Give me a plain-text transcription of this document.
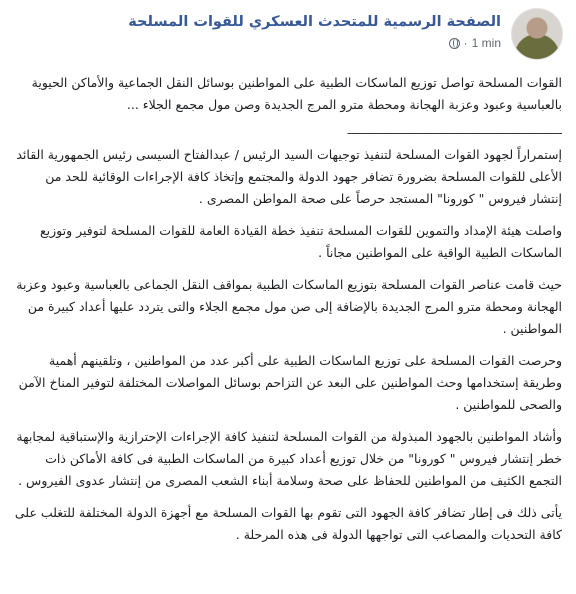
الصفحة الرسمية للمتحدث العسكري للقوات المسلحة
· 1 min

القوات المسلحة تواصل توزيع الماسكات الطبية على المواطنين بوسائل النقل الجماعية والأماكن الحيوية بالعباسية وعبود وعزبة الهجانة ومحطة مترو المرج الجديدة وصن مول مجمع الجلاء ...

_______________________________________

إستمراراً لجهود القوات المسلحة لتنفيذ توجيهات السيد الرئيس / عبدالفتاح السيسى رئيس الجمهورية القائد الأعلى للقوات المسلحة بضرورة تضافر جهود الدولة والمجتمع وإتخاذ كافة الإجراءات الوقائية للحد من إنتشار فيروس " كورونا" المستجد حرصاً على صحة المواطن المصرى .

واصلت هيئة الإمداد والتموين للقوات المسلحة تنفيذ خطة القيادة العامة للقوات المسلحة لتوفير وتوزيع الماسكات الطبية الواقية على المواطنين مجاناً .

حيث قامت عناصر القوات المسلحة بتوزيع الماسكات الطبية بمواقف النقل الجماعى بالعباسية وعبود وعزبة الهجانة ومحطة مترو المرج الجديدة بالإضافة إلى صن مول مجمع الجلاء والتى يتردد عليها أعداد كبيرة من المواطنين .

وحرصت القوات المسلحة على توزيع الماسكات الطبية على أكبر عدد من المواطنين ، وتلقينهم أهمية وطريقة إستخدامها وحث المواطنين على البعد عن التزاحم بوسائل المواصلات المختلفة لتوفير المناخ الآمن والصحى للمواطنين .

وأشاد المواطنين بالجهود المبذولة من القوات المسلحة لتنفيذ كافة الإجراءات الإحترازية والإستباقية لمجابهة خطر إنتشار فيروس " كورونا" من خلال توزيع أعداد كبيرة من الماسكات الطبية فى كافة الأماكن ذات التجمع الكثيف من المواطنين للحفاظ على صحة وسلامة أبناء الشعب المصرى من إنتشار عدوى الفيروس .

يأتى ذلك فى إطار تضافر كافة الجهود التى تقوم بها القوات المسلحة مع أجهزة الدولة المختلفة للتغلب على كافة التحديات والمصاعب التى تواجهها الدولة فى هذه المرحلة .
